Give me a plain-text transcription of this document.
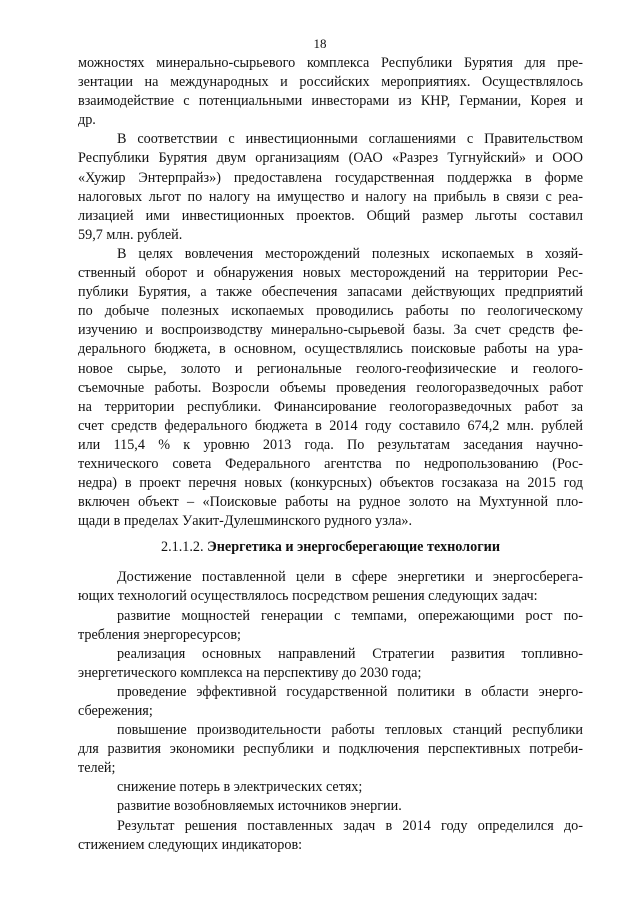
18
можностях минерально-сырьевого комплекса Республики Бурятия для пре-
зентации на международных и российских мероприятиях. Осуществлялось
взаимодействие с потенциальными инвесторами из КНР, Германии, Корея и
др.
В соответствии с инвестиционными соглашениями с Правительством
Республики Бурятия двум организациям (ОАО «Разрез Тугнуйский» и ООО
«Хужир Энтерпрайз») предоставлена государственная поддержка в форме
налоговых льгот по налогу на имущество и налогу на прибыль в связи с реа-
лизацией ими инвестиционных проектов. Общий размер льготы составил
59,7 млн. рублей.
В целях вовлечения месторождений полезных ископаемых в хозяй-
ственный оборот и обнаружения новых месторождений на территории Рес-
публики Бурятия, а также обеспечения запасами действующих предприятий
по добыче полезных ископаемых проводились работы по геологическому
изучению и воспроизводству минерально-сырьевой базы. За счет средств фе-
дерального бюджета, в основном, осуществлялись поисковые работы на ура-
новое сырье, золото и региональные геолого-геофизические и геолого-
съемочные работы. Возросли объемы проведения геологоразведочных работ
на территории республики. Финансирование геологоразведочных работ за
счет средств федерального бюджета в 2014 году составило 674,2 млн. рублей
или 115,4 % к уровню 2013 года. По результатам заседания научно-
технического совета Федерального агентства по недропользованию (Рос-
недра) в проект перечня новых (конкурсных) объектов госзаказа на 2015 год
включен объект – «Поисковые работы на рудное золото на Мухтунной пло-
щади в пределах Уакит-Дулешминского рудного узла».
2.1.1.2. Энергетика и энергосберегающие технологии
Достижение поставленной цели в сфере энергетики и энергосберега-
ющих технологий осуществлялось посредством решения следующих задач:
развитие мощностей генерации с темпами, опережающими рост по-
требления энергоресурсов;
реализация основных направлений Стратегии развития топливно-
энергетического комплекса на перспективу до 2030 года;
проведение эффективной государственной политики в области энерго-
сбережения;
повышение производительности работы тепловых станций республики
для развития экономики республики и подключения перспективных потреби-
телей;
снижение потерь в электрических сетях;
развитие возобновляемых источников энергии.
Результат решения поставленных задач в 2014 году определился до-
стижением следующих индикаторов:
